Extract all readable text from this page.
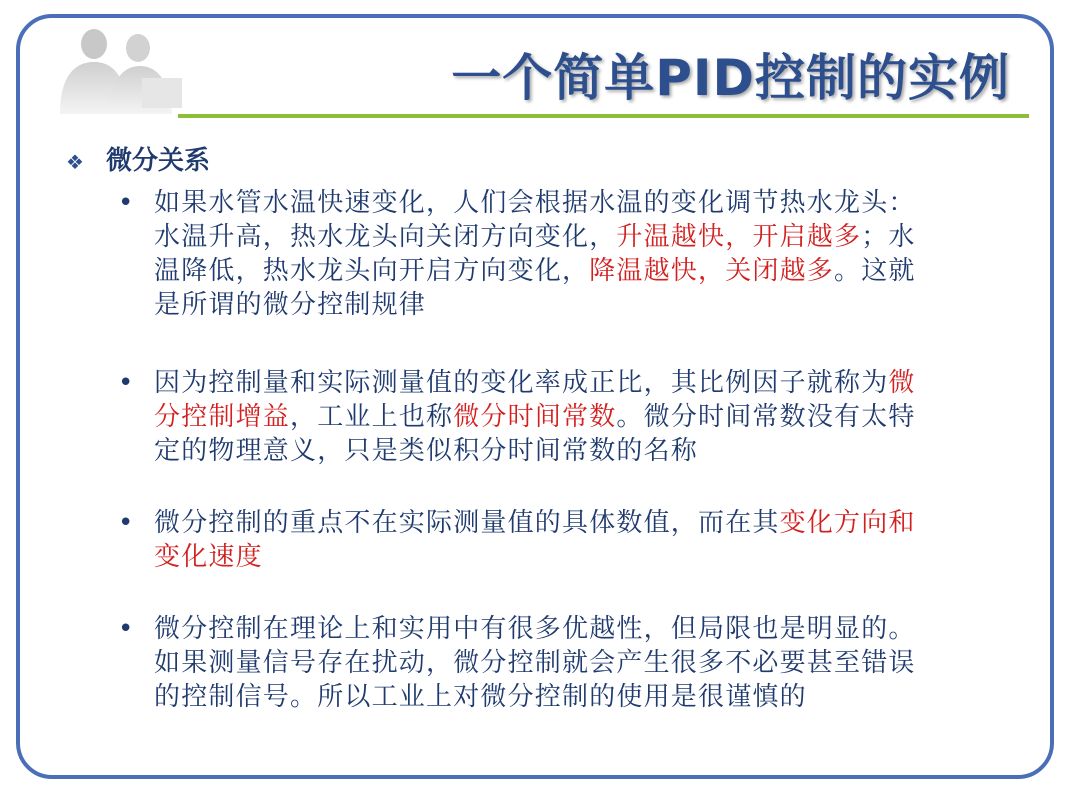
一个简单PID控制的实例
❖ 微分关系
• 如果水管水温快速变化，人们会根据水温的变化调节热水龙头：
水温升高，热水龙头向关闭方向变化，升温越快，开启越多；水
温降低，热水龙头向开启方向变化，降温越快，关闭越多。这就
是所谓的微分控制规律
• 因为控制量和实际测量值的变化率成正比，其比例因子就称为微
分控制增益，工业上也称微分时间常数。微分时间常数没有太特
定的物理意义，只是类似积分时间常数的名称
• 微分控制的重点不在实际测量值的具体数值，而在其变化方向和
变化速度
• 微分控制在理论上和实用中有很多优越性，但局限也是明显的。
如果测量信号存在扰动，微分控制就会产生很多不必要甚至错误
的控制信号。所以工业上对微分控制的使用是很谨慎的
